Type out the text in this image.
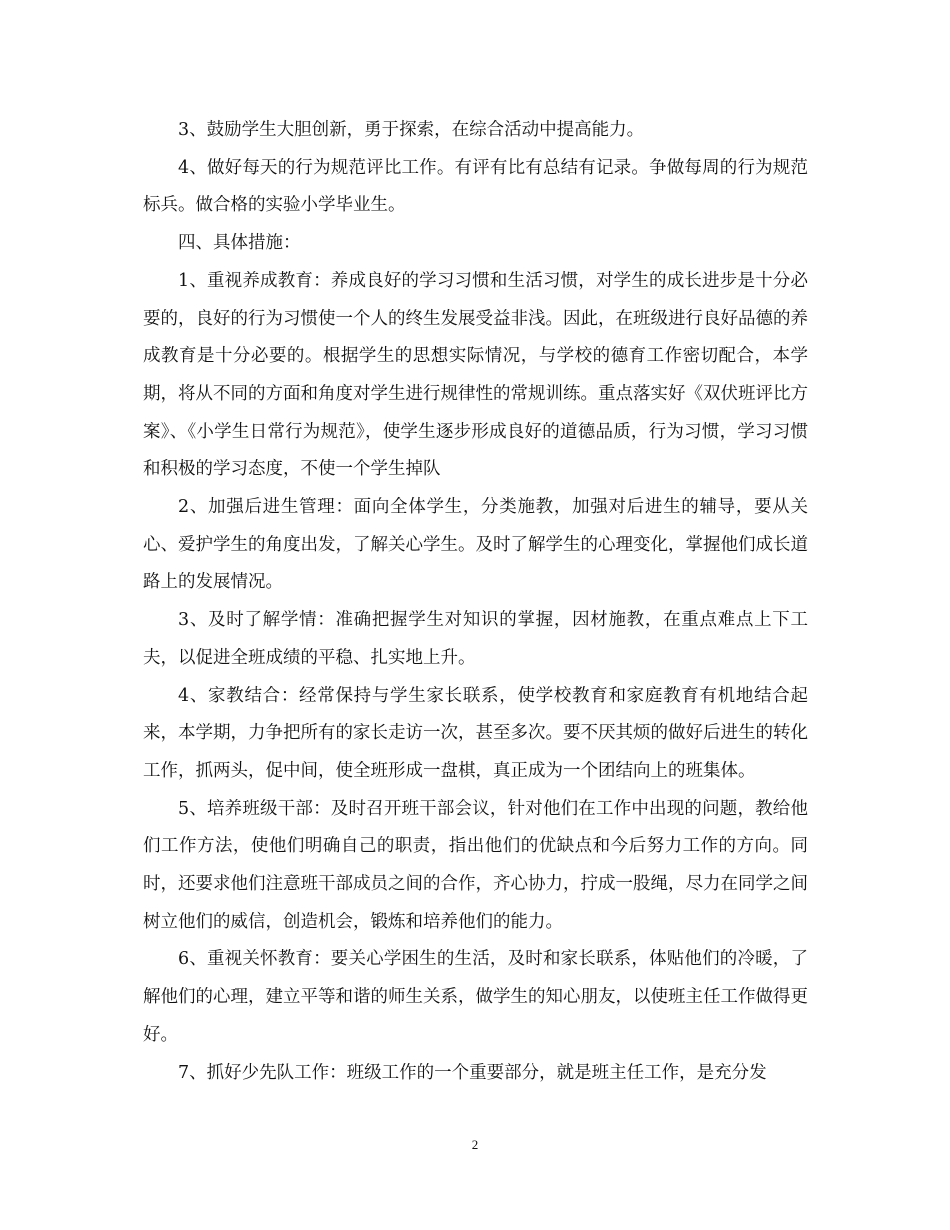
3、鼓励学生大胆创新，勇于探索，在综合活动中提高能力。

4、做好每天的行为规范评比工作。有评有比有总结有记录。争做每周的行为规范标兵。做合格的实验小学毕业生。

四、具体措施：

1、重视养成教育：养成良好的学习习惯和生活习惯，对学生的成长进步是十分必要的，良好的行为习惯使一个人的终生发展受益非浅。因此，在班级进行良好品德的养成教育是十分必要的。根据学生的思想实际情况，与学校的德育工作密切配合，本学期，将从不同的方面和角度对学生进行规律性的常规训练。重点落实好《双伏班评比方案》、《小学生日常行为规范》，使学生逐步形成良好的道德品质，行为习惯，学习习惯和积极的学习态度，不使一个学生掉队

2、加强后进生管理：面向全体学生，分类施教，加强对后进生的辅导，要从关心、爱护学生的角度出发，了解关心学生。及时了解学生的心理变化，掌握他们成长道路上的发展情况。

3、及时了解学情：准确把握学生对知识的掌握，因材施教，在重点难点上下工夫，以促进全班成绩的平稳、扎实地上升。

4、家教结合：经常保持与学生家长联系，使学校教育和家庭教育有机地结合起来，本学期，力争把所有的家长走访一次，甚至多次。要不厌其烦的做好后进生的转化工作，抓两头，促中间，使全班形成一盘棋，真正成为一个团结向上的班集体。

5、培养班级干部：及时召开班干部会议，针对他们在工作中出现的问题，教给他们工作方法，使他们明确自己的职责，指出他们的优缺点和今后努力工作的方向。同时，还要求他们注意班干部成员之间的合作，齐心协力，拧成一股绳，尽力在同学之间树立他们的威信，创造机会，锻炼和培养他们的能力。

6、重视关怀教育：要关心学困生的生活，及时和家长联系，体贴他们的冷暖，了解他们的心理，建立平等和谐的师生关系，做学生的知心朋友，以使班主任工作做得更好。

7、抓好少先队工作：班级工作的一个重要部分，就是班主任工作，是充分发

2
